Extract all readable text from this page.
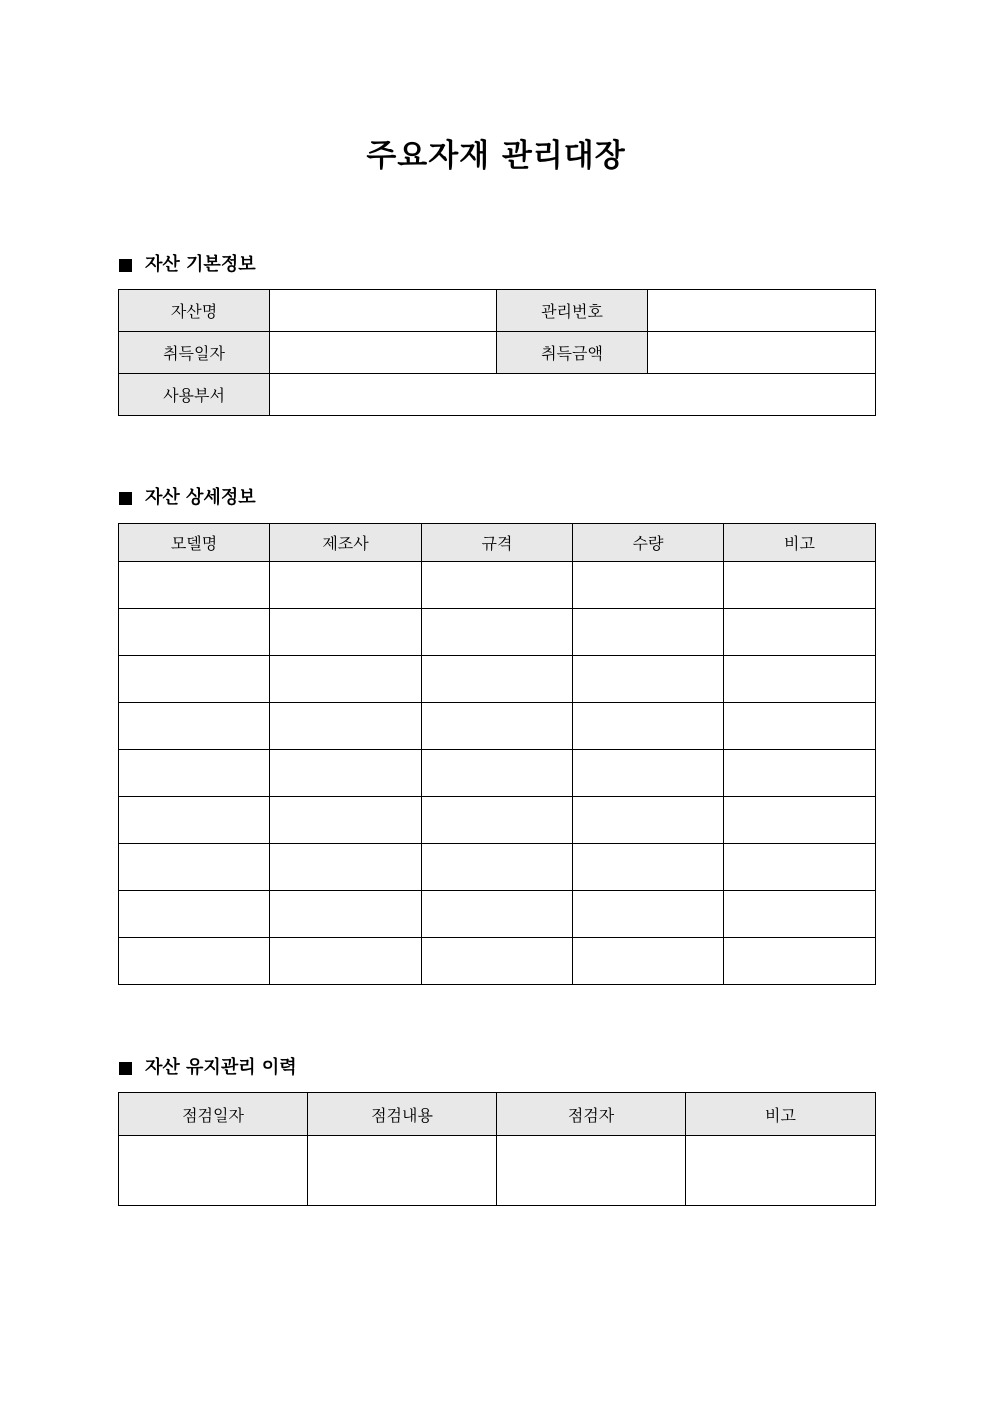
주요자재 관리대장
자산 기본정보
자산명		관리번호	
취득일자		취득금액	
사용부서			
자산 상세정보
모델명	제조사	규격	수량	비고

자산 유지관리 이력
점검일자	점검내용	점검자	비고
